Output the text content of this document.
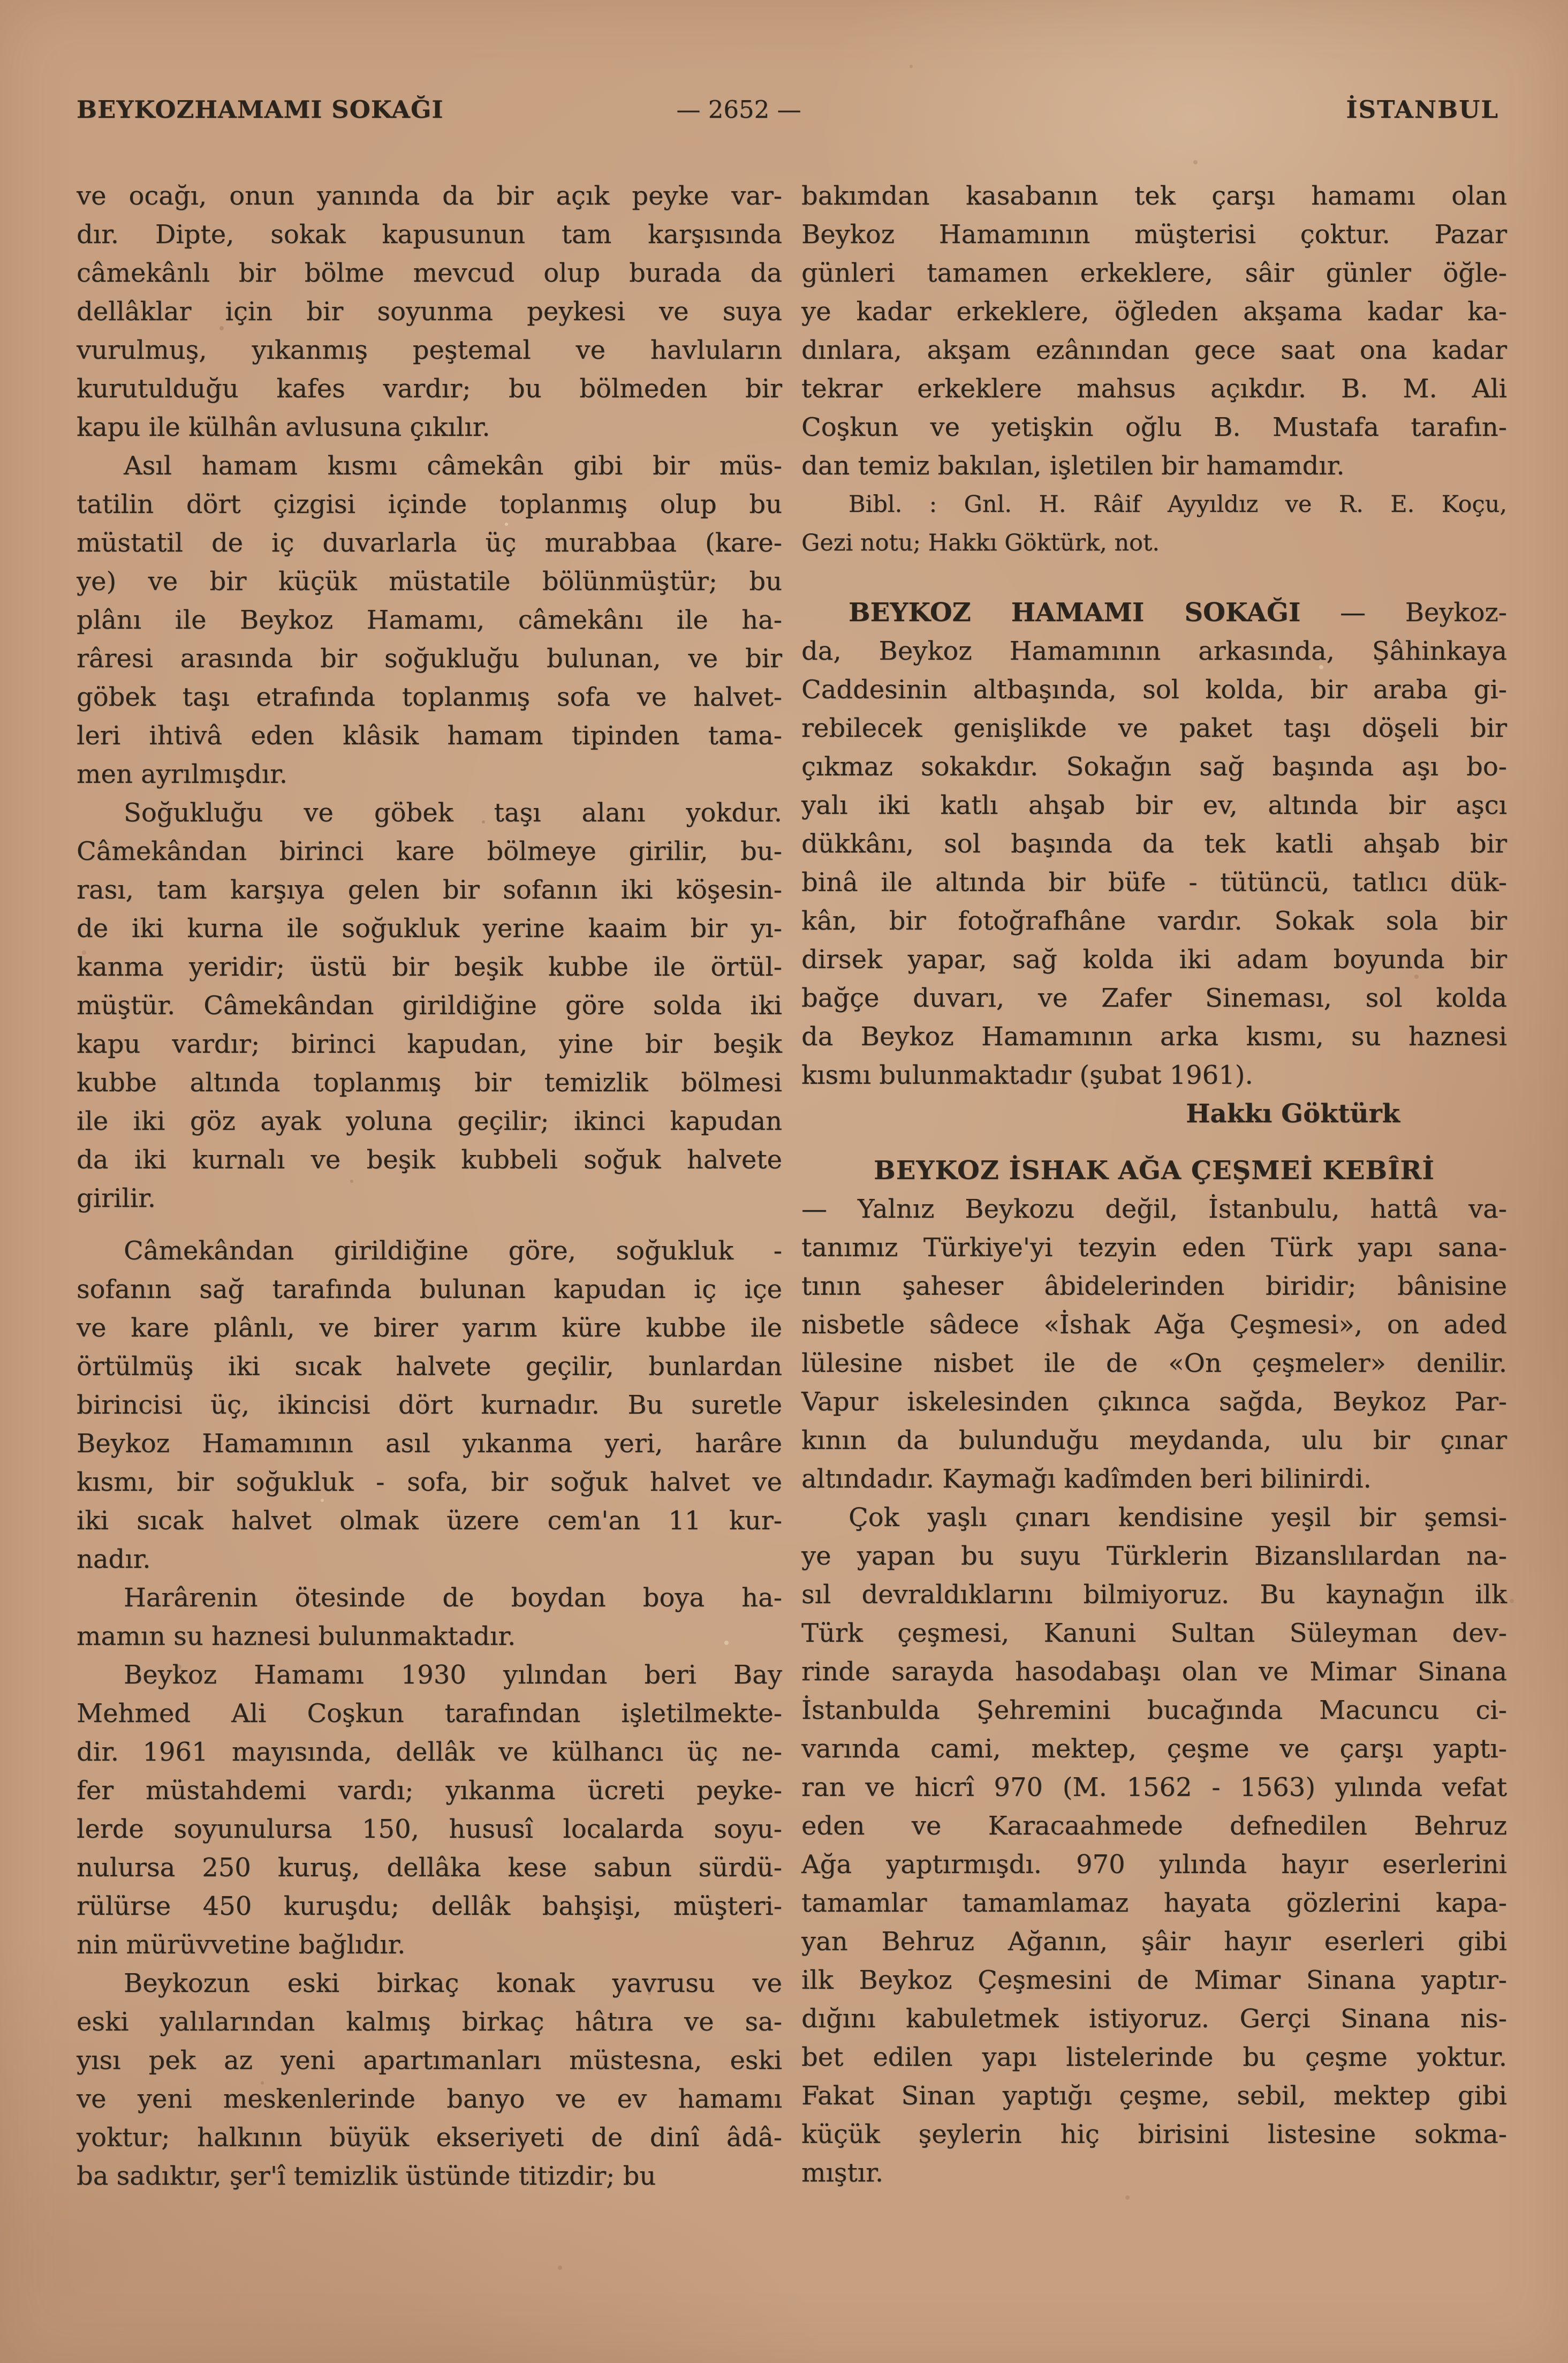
BEYKOZHAMAMI SOKAĞI	— 2652 —	İSTANBUL

ve ocağı, onun yanında da bir açık peyke var-
dır. Dipte, sokak kapusunun tam karşısında
câmekânlı bir bölme mevcud olup burada da
dellâklar için bir soyunma peykesi ve suya
vurulmuş, yıkanmış peştemal ve havluların
kurutulduğu kafes vardır; bu bölmeden bir
kapu ile külhân avlusuna çıkılır.

Asıl hamam kısmı câmekân gibi bir müs-
tatilin dört çizgisi içinde toplanmış olup bu
müstatil de iç duvarlarla üç murabbaa (kare-
ye) ve bir küçük müstatile bölünmüştür; bu
plânı ile Beykoz Hamamı, câmekânı ile ha-
râresi arasında bir soğukluğu bulunan, ve bir
göbek taşı etrafında toplanmış sofa ve halvet-
leri ihtivâ eden klâsik hamam tipinden tama-
men ayrılmışdır.

Soğukluğu ve göbek taşı alanı yokdur.
Câmekândan birinci kare bölmeye girilir, bu-
rası, tam karşıya gelen bir sofanın iki köşesin-
de iki kurna ile soğukluk yerine kaaim bir yı-
kanma yeridir; üstü bir beşik kubbe ile örtül-
müştür. Câmekândan girildiğine göre solda iki
kapu vardır; birinci kapudan, yine bir beşik
kubbe altında toplanmış bir temizlik bölmesi
ile iki göz ayak yoluna geçilir; ikinci kapudan
da iki kurnalı ve beşik kubbeli soğuk halvete
girilir.

Câmekândan girildiğine göre, soğukluk -
sofanın sağ tarafında bulunan kapudan iç içe
ve kare plânlı, ve birer yarım küre kubbe ile
örtülmüş iki sıcak halvete geçilir, bunlardan
birincisi üç, ikincisi dört kurnadır. Bu suretle
Beykoz Hamamının asıl yıkanma yeri, harâre
kısmı, bir soğukluk - sofa, bir soğuk halvet ve
iki sıcak halvet olmak üzere cem'an 11 kur-
nadır.

Harârenin ötesinde de boydan boya ha-
mamın su haznesi bulunmaktadır.

Beykoz Hamamı 1930 yılından beri Bay
Mehmed Ali Coşkun tarafından işletilmekte-
dir. 1961 mayısında, dellâk ve külhancı üç ne-
fer müstahdemi vardı; yıkanma ücreti peyke-
lerde soyunulursa 150, hususî localarda soyu-
nulursa 250 kuruş, dellâka kese sabun sürdü-
rülürse 450 kuruşdu; dellâk bahşişi, müşteri-
nin mürüvvetine bağlıdır.

Beykozun eski birkaç konak yavrusu ve
eski yalılarından kalmış birkaç hâtıra ve sa-
yısı pek az yeni apartımanları müstesna, eski
ve yeni meskenlerinde banyo ve ev hamamı
yoktur; halkının büyük ekseriyeti de dinî âdâ-
ba sadıktır, şer'î temizlik üstünde titizdir; bu

bakımdan kasabanın tek çarşı hamamı olan
Beykoz Hamamının müşterisi çoktur. Pazar
günleri tamamen erkeklere, sâir günler öğle-
ye kadar erkeklere, öğleden akşama kadar ka-
dınlara, akşam ezânından gece saat ona kadar
tekrar erkeklere mahsus açıkdır. B. M. Ali
Coşkun ve yetişkin oğlu B. Mustafa tarafın-
dan temiz bakılan, işletilen bir hamamdır.

Bibl. : Gnl. H. Râif Ayyıldız ve R. E. Koçu,
Gezi notu; Hakkı Göktürk, not.

BEYKOZ HAMAMI SOKAĞI — Beykoz-
da, Beykoz Hamamının arkasında, Şâhinkaya
Caddesinin altbaşında, sol kolda, bir araba gi-
rebilecek genişlikde ve paket taşı döşeli bir
çıkmaz sokakdır. Sokağın sağ başında aşı bo-
yalı iki katlı ahşab bir ev, altında bir aşcı
dükkânı, sol başında da tek katli ahşab bir
binâ ile altında bir büfe - tütüncü, tatlıcı dük-
kân, bir fotoğrafhâne vardır. Sokak sola bir
dirsek yapar, sağ kolda iki adam boyunda bir
bağçe duvarı, ve Zafer Sineması, sol kolda
da Beykoz Hamamının arka kısmı, su haznesi
kısmı bulunmaktadır (şubat 1961).

Hakkı Göktürk

BEYKOZ İSHAK AĞA ÇEŞMEİ KEBÎRİ

— Yalnız Beykozu değil, İstanbulu, hattâ va-
tanımız Türkiye'yi tezyin eden Türk yapı sana-
tının şaheser âbidelerinden biridir; bânisine
nisbetle sâdece «İshak Ağa Çeşmesi», on aded
lülesine nisbet ile de «On çeşmeler» denilir.
Vapur iskelesinden çıkınca sağda, Beykoz Par-
kının da bulunduğu meydanda, ulu bir çınar
altındadır. Kaymağı kadîmden beri bilinirdi.

Çok yaşlı çınarı kendisine yeşil bir şemsi-
ye yapan bu suyu Türklerin Bizanslılardan na-
sıl devraldıklarını bilmiyoruz. Bu kaynağın ilk
Türk çeşmesi, Kanuni Sultan Süleyman dev-
rinde sarayda hasodabaşı olan ve Mimar Sinana
İstanbulda Şehremini bucağında Macuncu ci-
varında cami, mektep, çeşme ve çarşı yaptı-
ran ve hicrî 970 (M. 1562 - 1563) yılında vefat
eden ve Karacaahmede defnedilen Behruz
Ağa yaptırmışdı. 970 yılında hayır eserlerini
tamamlar tamamlamaz hayata gözlerini kapa-
yan Behruz Ağanın, şâir hayır eserleri gibi
ilk Beykoz Çeşmesini de Mimar Sinana yaptır-
dığını kabuletmek istiyoruz. Gerçi Sinana nis-
bet edilen yapı listelerinde bu çeşme yoktur.
Fakat Sinan yaptığı çeşme, sebil, mektep gibi
küçük şeylerin hiç birisini listesine sokma-
mıştır.
